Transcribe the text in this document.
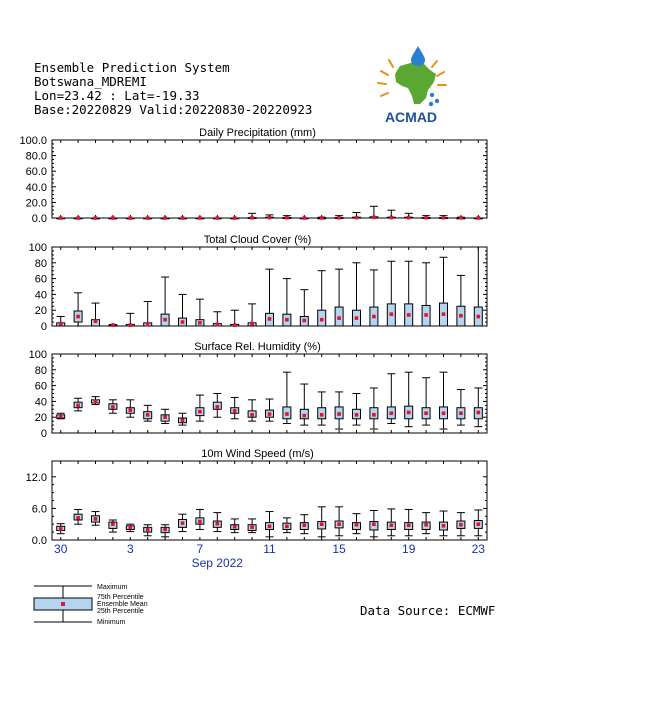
Ensemble Prediction System
Botswana_MDREMI
Lon=23.42 : Lat=-19.33
Base:20220829 Valid:20220830-20220923	ACMAD
Daily Precipitation (mm)
0.0
20.0
40.0
60.0
80.0
100.0
Total Cloud Cover (%)
0
20
40
60
80
100
Surface Rel. Humidity (%)
0
20
40
60
80
100
10m Wind Speed (m/s)
0.0
6.0
12.0
30	3	7	11	15	19	23
Sep 2022
Maximum
75th Percentile
Ensemble Mean
25th Percentile
Minimum
Data Source: ECMWF
